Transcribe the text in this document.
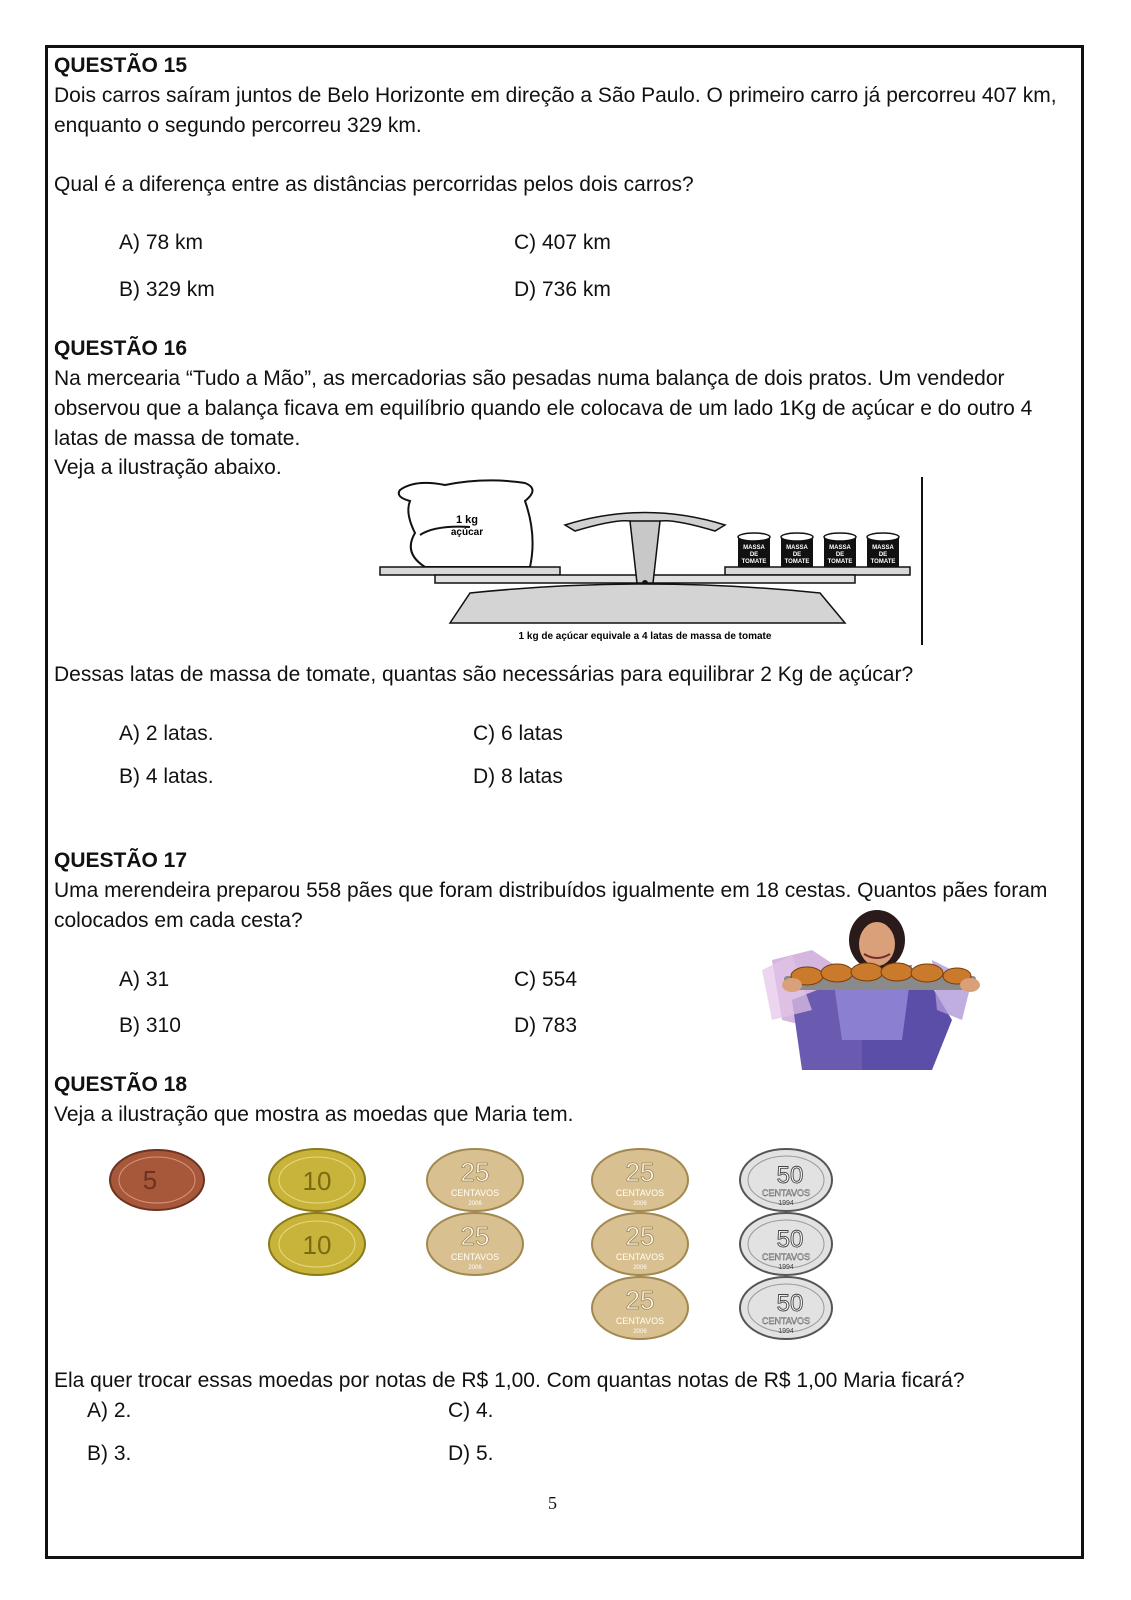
QUESTÃO 15
Dois carros saíram juntos de Belo Horizonte em direção a São Paulo. O primeiro carro já percorreu 407 km, enquanto o segundo percorreu 329 km.
Qual é a diferença entre as distâncias percorridas pelos dois carros?
A) 78 km
B) 329 km
C) 407 km
D) 736 km
QUESTÃO 16
Na mercearia “Tudo a Mão”, as mercadorias são pesadas numa balança de dois pratos. Um vendedor observou que a balança ficava em equilíbrio quando ele colocava de um lado 1Kg de açúcar e do outro 4 latas de massa de tomate.
Veja a ilustração abaixo.
1 kg
açúcar
MASSA
DE
TOMATE
MASSA
DE
TOMATE
MASSA
DE
TOMATE
MASSA
DE
TOMATE
1 kg de açúcar equivale a 4 latas de massa de tomate
Dessas latas de massa de tomate, quantas são necessárias para equilibrar 2 Kg de açúcar?
A) 2 latas.
B) 4 latas.
C) 6 latas
D) 8 latas
QUESTÃO 17
Uma merendeira preparou 558 pães que foram distribuídos igualmente em 18 cestas. Quantos pães foram colocados em cada cesta?
A) 31
B) 310
C) 554
D) 783
QUESTÃO 18
Veja a ilustração que mostra as moedas que Maria tem.
5	10
10
25
CENTAVOS
2006
25
CENTAVOS
2006
25
CENTAVOS
2006
25
CENTAVOS
2006
25
CENTAVOS
2006
50
CENTAVOS
1994
50
CENTAVOS
1994
50
CENTAVOS
1994
Ela quer trocar essas moedas por notas de R$ 1,00. Com quantas notas de R$ 1,00 Maria ficará?
A) 2.
B) 3.
C) 4.
D) 5.
5
